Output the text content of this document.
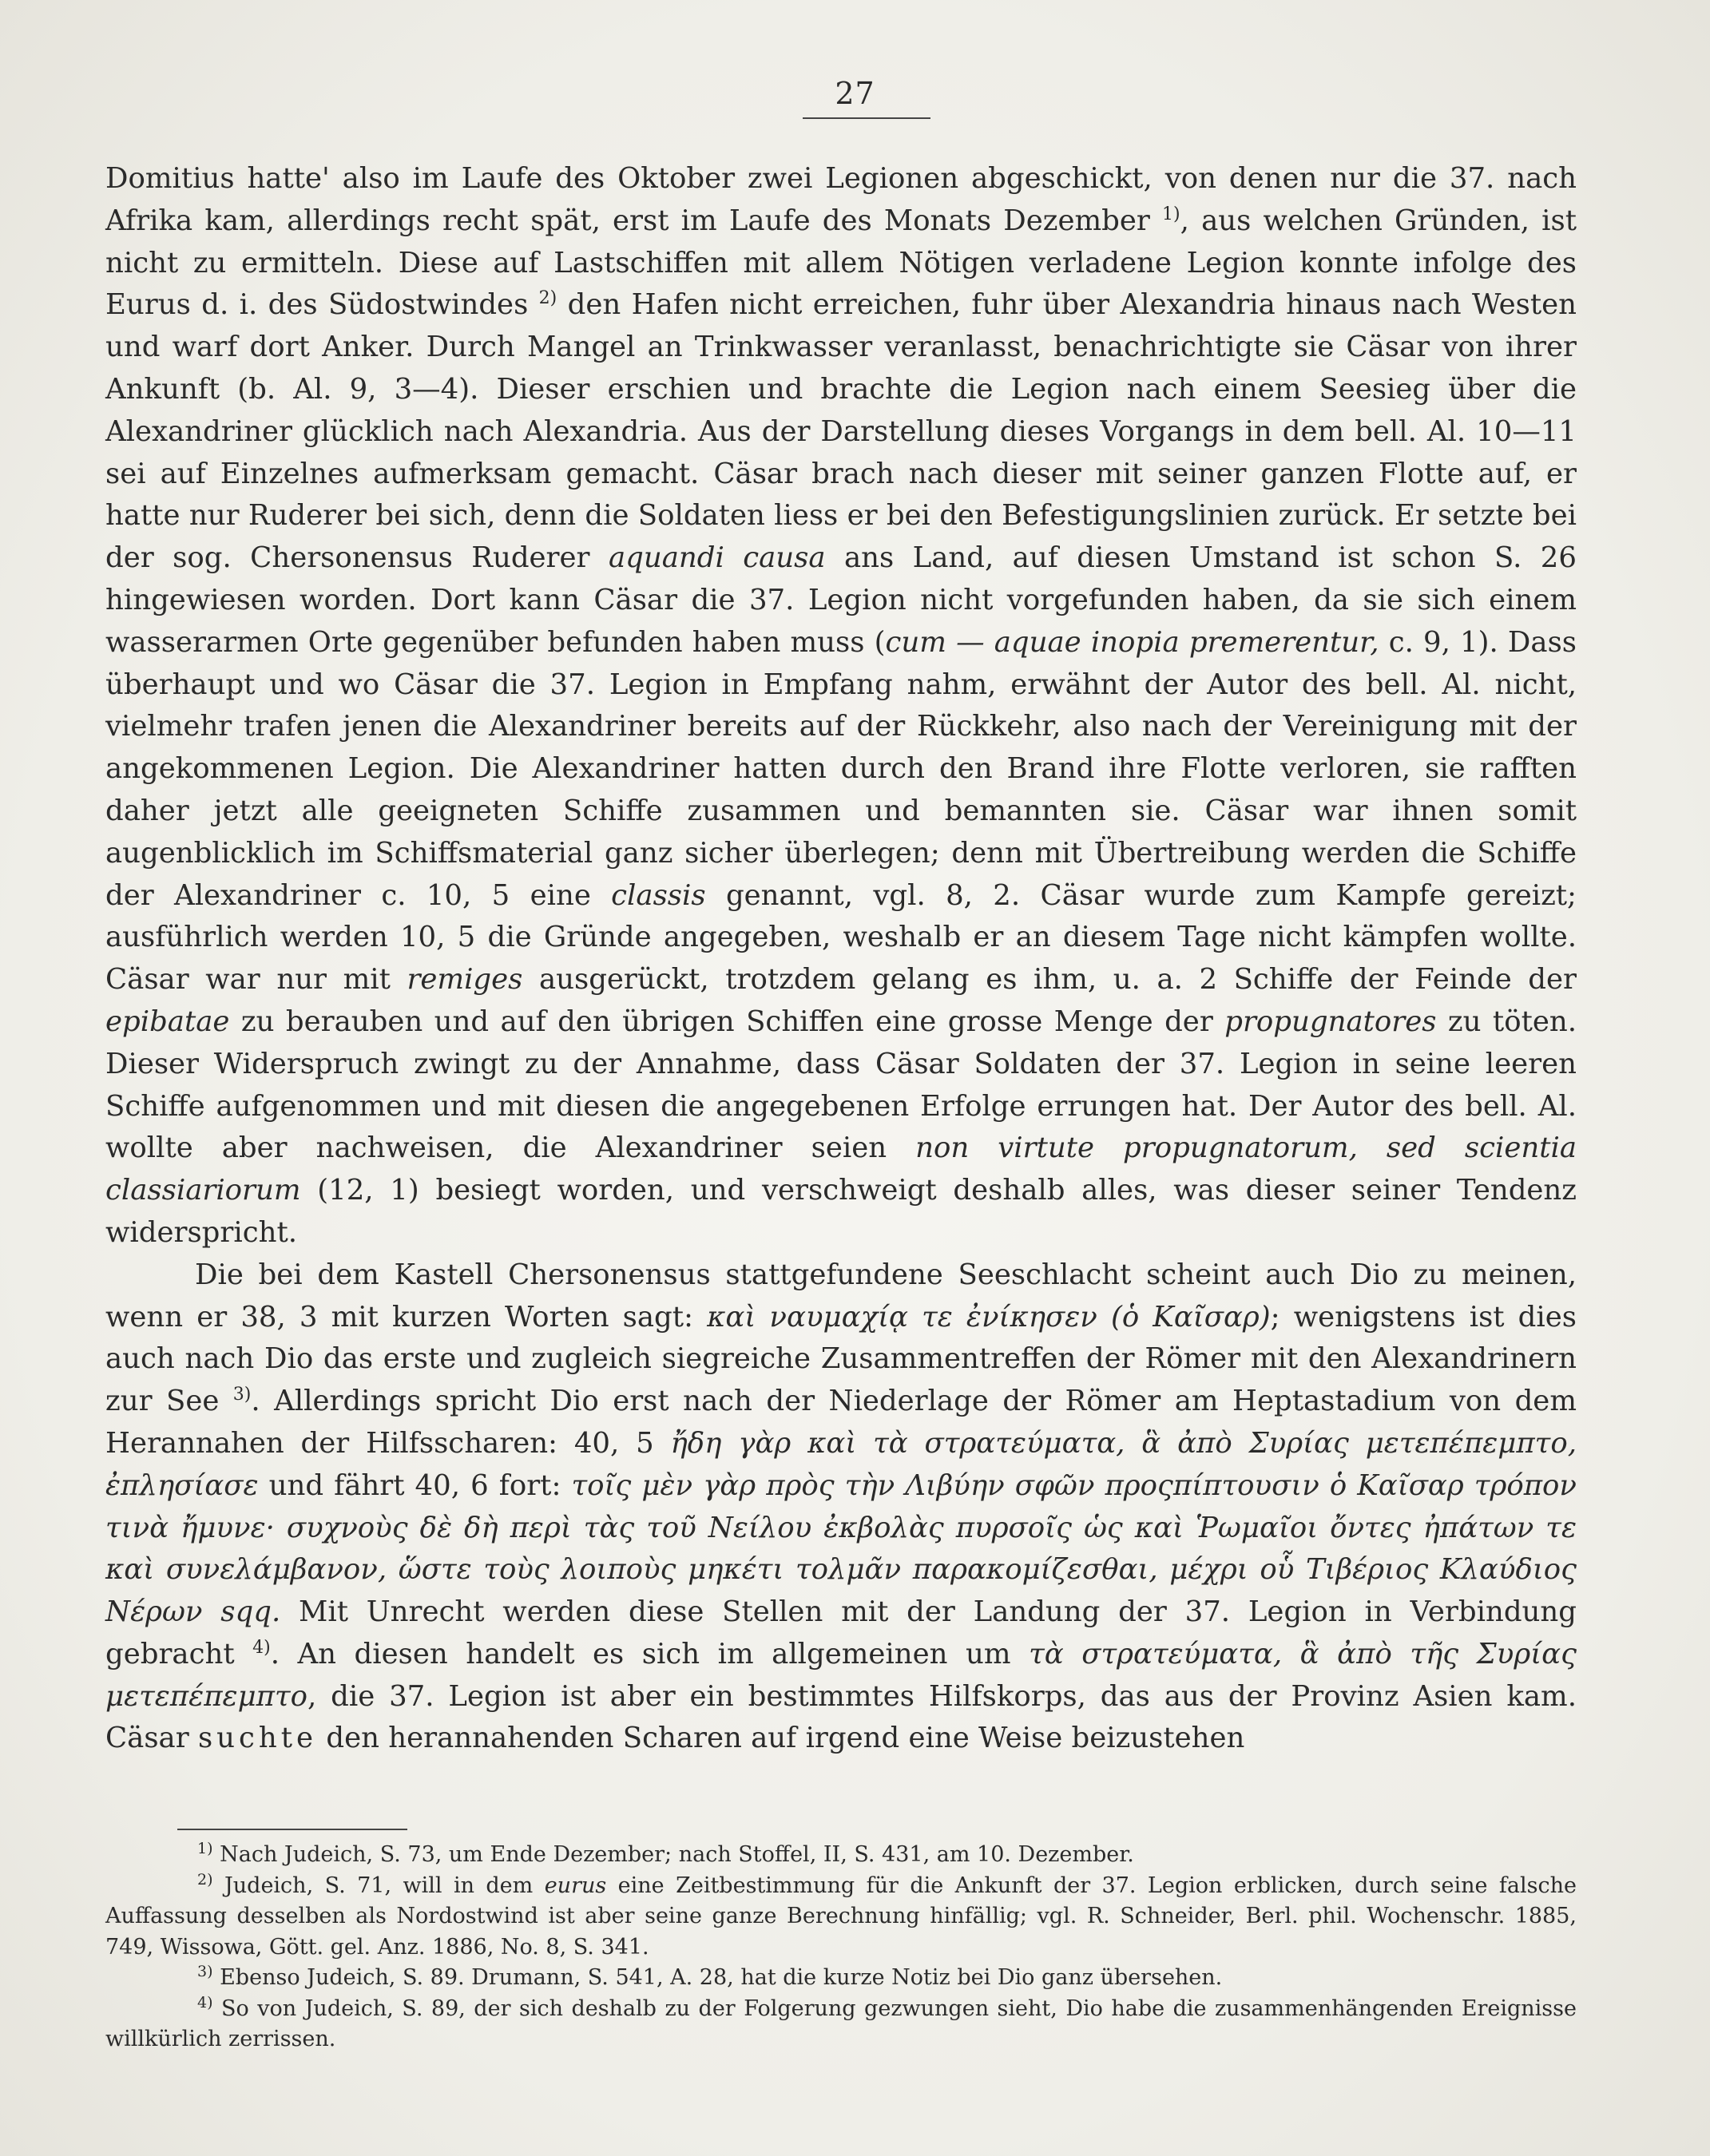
27

Domitius hatte' also im Laufe des Oktober zwei Legionen abgeschickt, von denen nur die 37. nach Afrika kam, allerdings recht spät, erst im Laufe des Monats Dezember $^{1)}$, aus welchen Gründen, ist nicht zu ermitteln. Diese auf Lastschiffen mit allem Nötigen verladene Legion konnte infolge des Eurus d. i. des Südostwindes $^{2)}$ den Hafen nicht erreichen, fuhr über Alexandria hinaus nach Westen und warf dort Anker. Durch Mangel an Trinkwasser veranlasst, benachrichtigte sie Cäsar von ihrer Ankunft (b. Al. 9, 3—4). Dieser erschien und brachte die Legion nach einem Seesieg über die Alexandriner glücklich nach Alexandria. Aus der Darstellung dieses Vorgangs in dem bell. Al. 10—11 sei auf Einzelnes aufmerksam gemacht. Cäsar brach nach dieser mit seiner ganzen Flotte auf, er hatte nur Ruderer bei sich, denn die Soldaten liess er bei den Befestigungslinien zurück. Er setzte bei der sog. Chersonensus Ruderer aquandi causa ans Land, auf diesen Umstand ist schon S. 26 hingewiesen worden. Dort kann Cäsar die 37. Legion nicht vorgefunden haben, da sie sich einem wasserarmen Orte gegenüber befunden haben muss (cum — aquae inopia premerentur, c. 9, 1). Dass überhaupt und wo Cäsar die 37. Legion in Empfang nahm, erwähnt der Autor des bell. Al. nicht, vielmehr trafen jenen die Alexandriner bereits auf der Rückkehr, also nach der Vereinigung mit der angekommenen Legion. Die Alexandriner hatten durch den Brand ihre Flotte verloren, sie rafften daher jetzt alle geeigneten Schiffe zusammen und bemannten sie. Cäsar war ihnen somit augenblicklich im Schiffsmaterial ganz sicher überlegen; denn mit Übertreibung werden die Schiffe der Alexandriner c. 10, 5 eine classis genannt, vgl. 8, 2. Cäsar wurde zum Kampfe gereizt; ausführlich werden 10, 5 die Gründe angegeben, weshalb er an diesem Tage nicht kämpfen wollte. Cäsar war nur mit remiges ausgerückt, trotzdem gelang es ihm, u. a. 2 Schiffe der Feinde der epibatae zu berauben und auf den übrigen Schiffen eine grosse Menge der propugnatores zu töten. Dieser Widerspruch zwingt zu der Annahme, dass Cäsar Soldaten der 37. Legion in seine leeren Schiffe aufgenommen und mit diesen die angegebenen Erfolge errungen hat. Der Autor des bell. Al. wollte aber nachweisen, die Alexandriner seien non virtute propugnatorum, sed scientia classiariorum (12, 1) besiegt worden, und verschweigt deshalb alles, was dieser seiner Tendenz widerspricht.

Die bei dem Kastell Chersonensus stattgefundene Seeschlacht scheint auch Dio zu meinen, wenn er 38, 3 mit kurzen Worten sagt: καὶ ναυμαχίᾳ τε ἐνίκησεν (ὁ Καῖσαρ); wenigstens ist dies auch nach Dio das erste und zugleich siegreiche Zusammentreffen der Römer mit den Alexandrinern zur See $^{3)}$. Allerdings spricht Dio erst nach der Niederlage der Römer am Heptastadium von dem Herannahen der Hilfsscharen: 40, 5 ἤδη γὰρ καὶ τὰ στρατεύματα, ἃ ἀπὸ Συρίας μετεπέπεμπτο, ἐπλησίασε und fährt 40, 6 fort: τοῖς μὲν γὰρ πρὸς τὴν Λιβύην σφῶν προςπίπτουσιν ὁ Καῖσαρ τρόπον τινὰ ἤμυνε· συχνοὺς δὲ δὴ περὶ τὰς τοῦ Νείλου ἐκβολὰς πυρσοῖς ὡς καὶ Ῥωμαῖοι ὄντες ἠπάτων τε καὶ συνελάμβανον, ὥστε τοὺς λοιποὺς μηκέτι τολμᾶν παρακομίζεσθαι, μέχρι οὗ Τιβέριος Κλαύδιος Νέρων sqq. Mit Unrecht werden diese Stellen mit der Landung der 37. Legion in Verbindung gebracht $^{4)}$. An diesen handelt es sich im allgemeinen um τὰ στρατεύματα, ἃ ἀπὸ τῆς Συρίας μετεπέπεμπτο, die 37. Legion ist aber ein bestimmtes Hilfskorps, das aus der Provinz Asien kam. Cäsar suchte den herannahenden Scharen auf irgend eine Weise beizustehen

$^{1)}$ Nach Judeich, S. 73, um Ende Dezember; nach Stoffel, II, S. 431, am 10. Dezember.

$^{2)}$ Judeich, S. 71, will in dem eurus eine Zeitbestimmung für die Ankunft der 37. Legion erblicken, durch seine falsche Auffassung desselben als Nordostwind ist aber seine ganze Berechnung hinfällig; vgl. R. Schneider, Berl. phil. Wochenschr. 1885, 749, Wissowa, Gött. gel. Anz. 1886, No. 8, S. 341.

$^{3)}$ Ebenso Judeich, S. 89. Drumann, S. 541, A. 28, hat die kurze Notiz bei Dio ganz übersehen.

$^{4)}$ So von Judeich, S. 89, der sich deshalb zu der Folgerung gezwungen sieht, Dio habe die zusammenhängenden Ereignisse willkürlich zerrissen.
